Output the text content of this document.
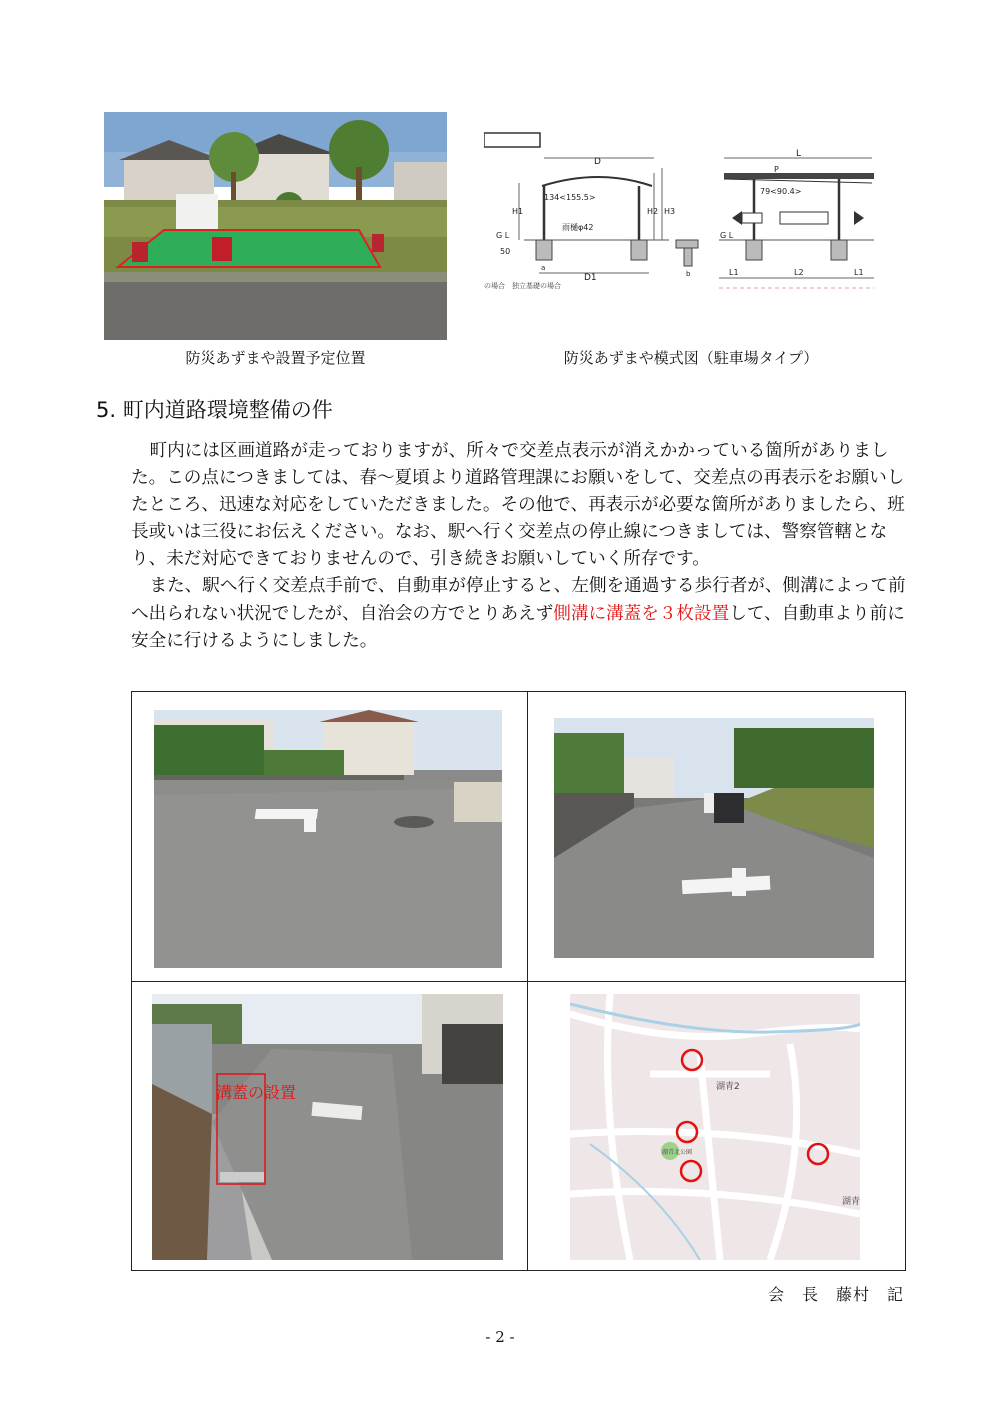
防災あずまや設置予定位置
D
134<155.5>
雨樋φ42
H1	H2 H3
G L
50
a
b
D1
L
P
79<90.4>
G L
L1	L2	L1
の場合　独立基礎の場合
防災あずまや模式図（駐車場タイプ）
5. 町内道路環境整備の件

町内には区画道路が走っておりますが、所々で交差点表示が消えかかっている箇所がありました。この点につきましては、春～夏頃より道路管理課にお願いをして、交差点の再表示をお願いしたところ、迅速な対応をしていただきました。その他で、再表示が必要な箇所がありましたら、班長或いは三役にお伝えください。なお、駅へ行く交差点の停止線につきましては、警察管轄となり、未だ対応できておりませんので、引き続きお願いしていく所存です。

また、駅へ行く交差点手前で、自動車が停止すると、左側を通過する歩行者が、側溝によって前へ出られない状況でしたが、自治会の方でとりあえず側溝に溝蓋を３枚設置して、自動車より前に安全に行けるようにしました。

溝蓋の設置	湖青2
湖青北公園
湖青
会　長　藤村　記
- 2 -
